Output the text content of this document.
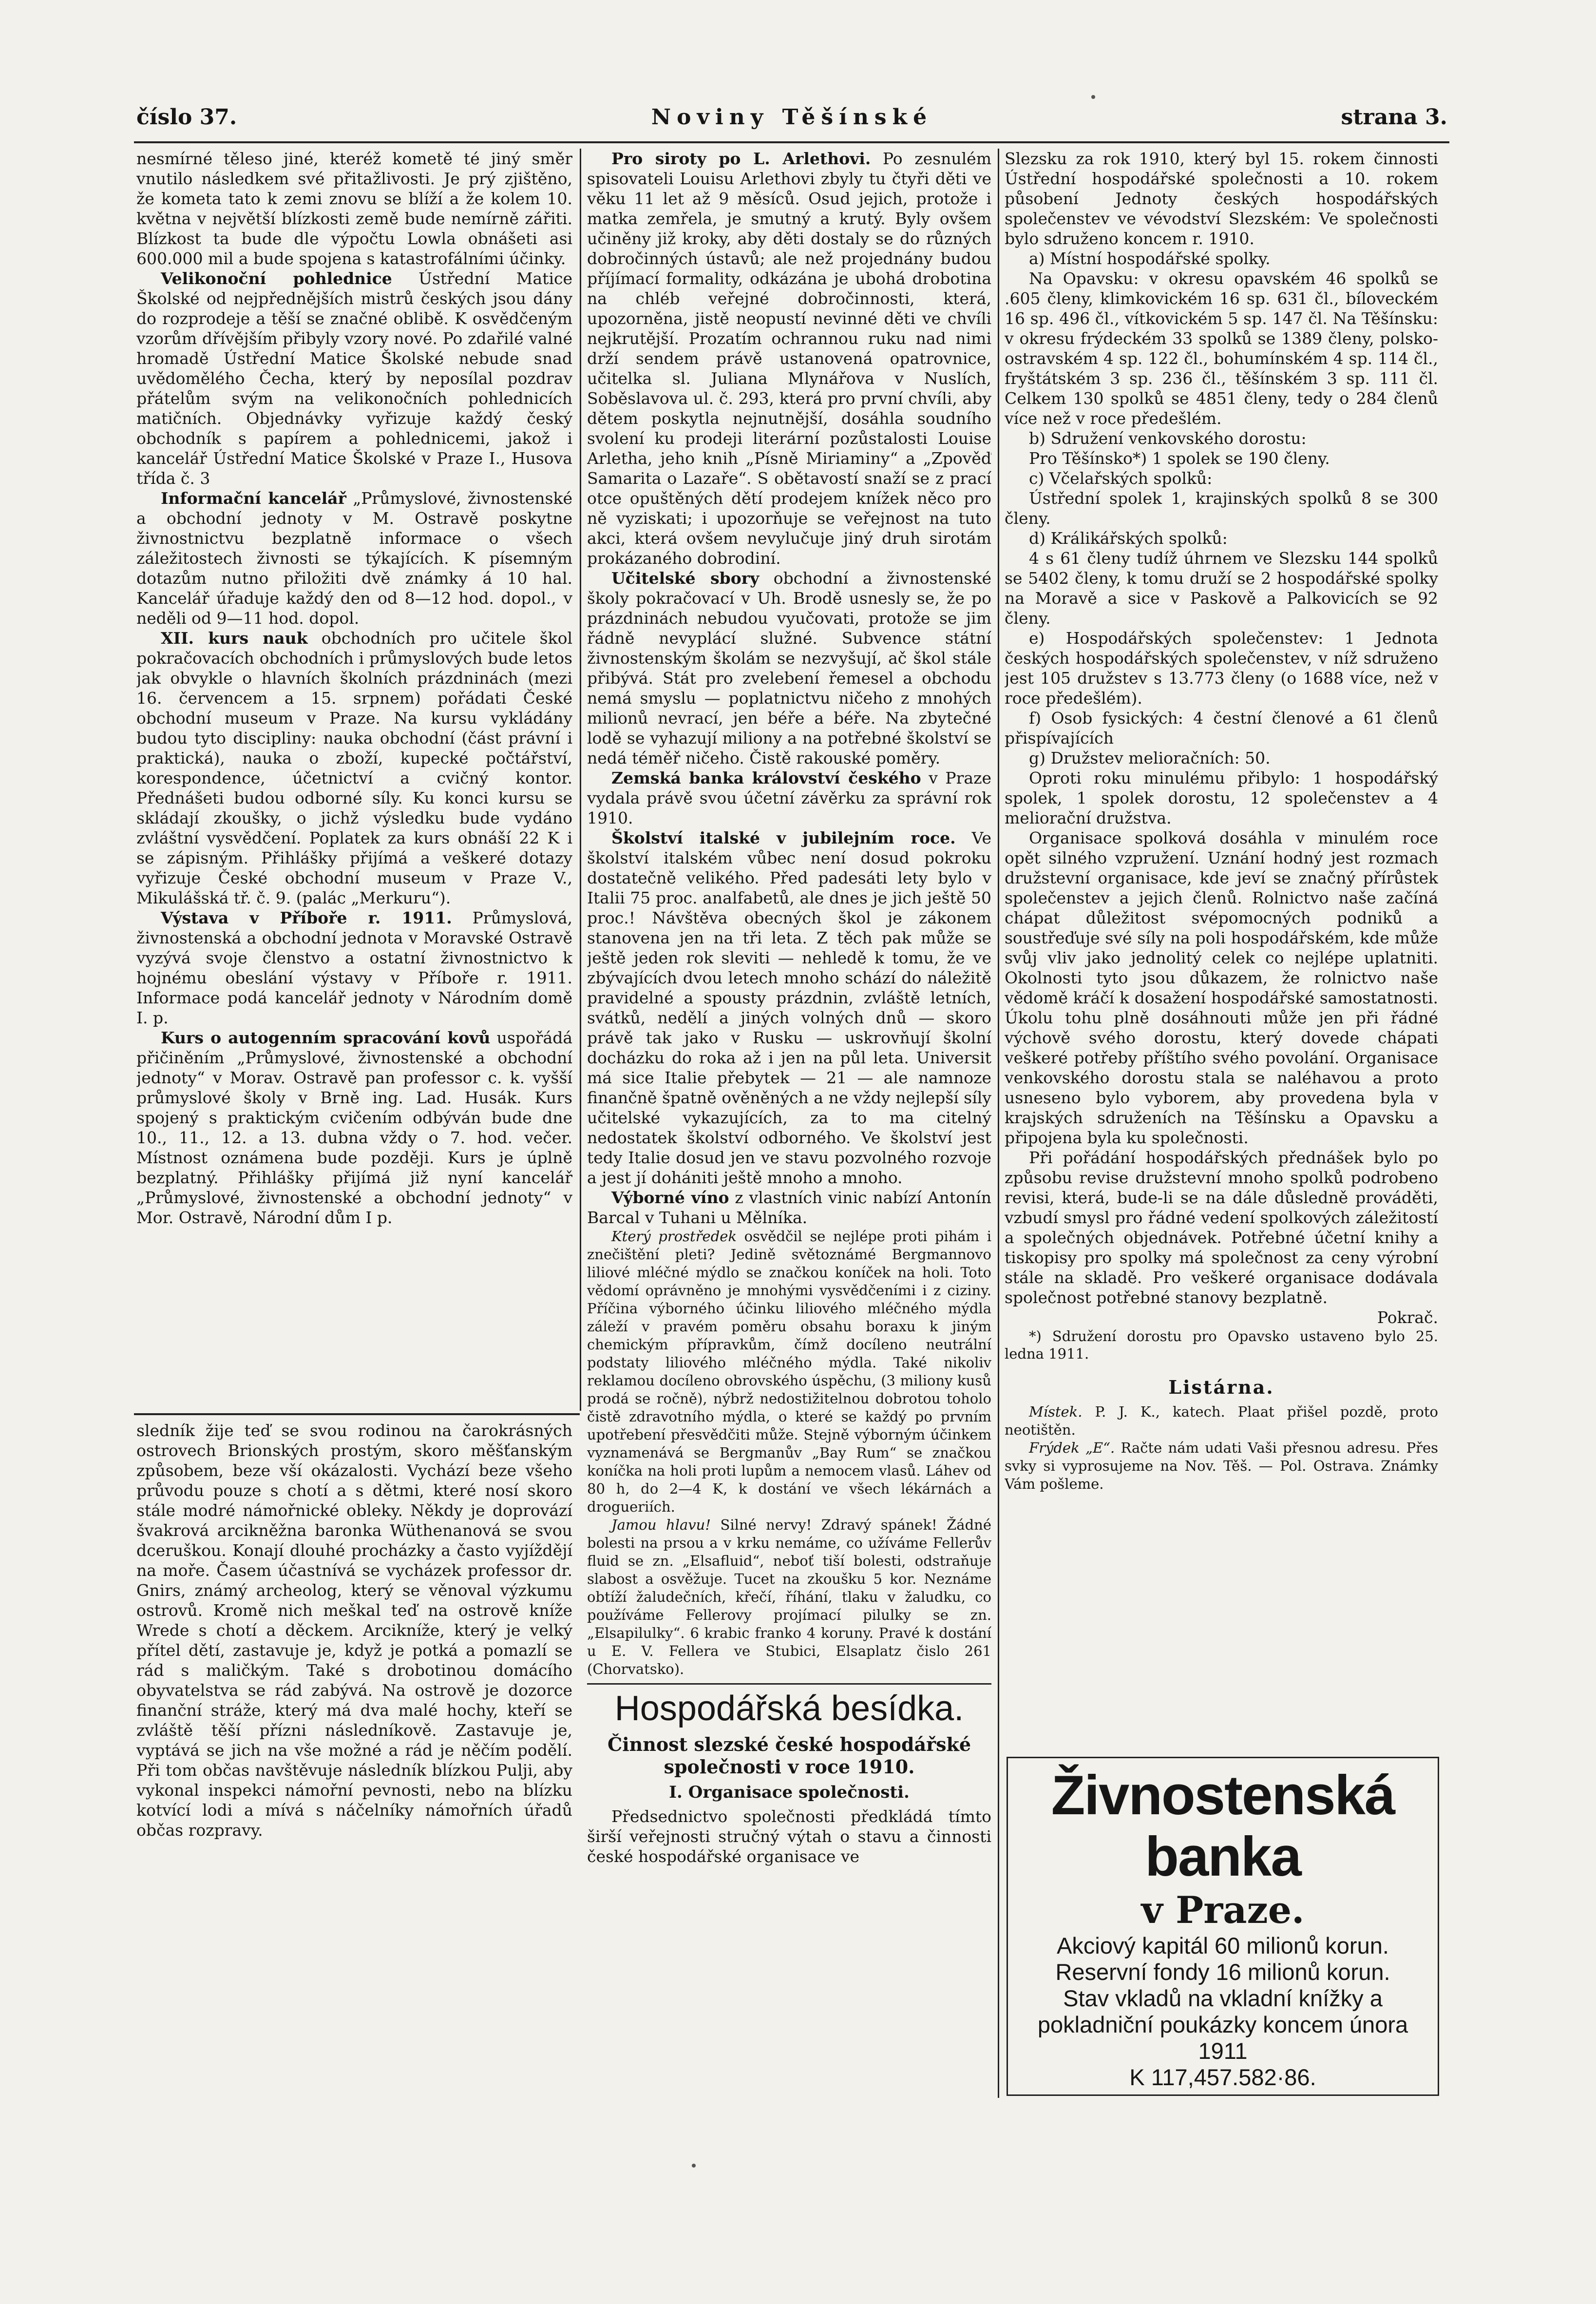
číslo 37.	Noviny Těšínské	strana 3.

nesmírné těleso jiné, kteréž kometě té jiný směr vnutilo následkem své přitažlivosti. Je prý zjištěno, že kometa tato k zemi znovu se blíží a že kolem 10. května v největší blízkosti země bude nemírně zářiti. Blízkost ta bude dle výpočtu Lowla obnášeti asi 600.000 mil a bude spojena s katastrofálními účinky.

Velikonoční pohlednice Ústřední Matice Školské od nejpřednějších mistrů českých jsou dány do rozprodeje a těší se značné oblibě. K osvědčeným vzorům dřívějším přibyly vzory nové. Po zdařilé valné hromadě Ústřední Matice Školské nebude snad uvědomělého Čecha, který by neposílal pozdrav přátelům svým na velikonočních pohlednicích matičních. Objednávky vyřizuje každý český obchodník s papírem a pohlednicemi, jakož i kancelář Ústřední Matice Školské v Praze I., Husova třída č. 3

Informační kancelář „Průmyslové, živnostenské a obchodní jednoty v M. Ostravě poskytne živnostnictvu bezplatně informace o všech záležitostech živnosti se týkajících. K písemným dotazům nutno přiložiti dvě známky á 10 hal. Kancelář úřaduje každý den od 8—12 hod. dopol., v neděli od 9—11 hod. dopol.

XII. kurs nauk obchodních pro učitele škol pokračovacích obchodních i průmyslových bude letos jak obvykle o hlavních školních prázdninách (mezi 16. červencem a 15. srpnem) pořádati České obchodní museum v Praze. Na kursu vykládány budou tyto discipliny: nauka obchodní (část právní i praktická), nauka o zboží, kupecké počtářství, korespondence, účetnictví a cvičný kontor. Přednášeti budou odborné síly. Ku konci kursu se skládají zkoušky, o jichž výsledku bude vydáno zvláštní vysvědčení. Poplatek za kurs obnáší 22 K i se zápisným. Přihlášky přijímá a veškeré dotazy vyřizuje České obchodní museum v Praze V., Mikulášská tř. č. 9. (palác „Merkuru“).

Výstava v Příboře r. 1911. Průmyslová, živnostenská a obchodní jednota v Moravské Ostravě vyzývá svoje členstvo a ostatní živnostnictvo k hojnému obeslání výstavy v Příboře r. 1911. Informace podá kancelář jednoty v Národním domě I. p.

Kurs o autogenním spracování kovů uspořádá přičiněním „Průmyslové, živnostenské a obchodní jednoty“ v Morav. Ostravě pan professor c. k. vyšší průmyslové školy v Brně ing. Lad. Husák. Kurs spojený s praktickým cvičením odbýván bude dne 10., 11., 12. a 13. dubna vždy o 7. hod. večer. Místnost oznámena bude později. Kurs je úplně bezplatný. Přihlášky přijímá již nyní kancelář „Průmyslové, živnostenské a obchodní jednoty“ v Mor. Ostravě, Národní dům I p.

sledník žije teď se svou rodinou na čarokrásných ostrovech Brionských prostým, skoro měšťanským způsobem, beze vší okázalosti. Vychází beze všeho průvodu pouze s chotí a s dětmi, které nosí skoro stále modré námořnické obleky. Někdy je doprovází švakrová arcikněžna baronka Wüthenanová se svou dceruškou. Konají dlouhé procházky a často vyjíždějí na moře. Časem účastnívá se vycházek professor dr. Gnirs, známý archeolog, který se věnoval výzkumu ostrovů. Kromě nich meškal teď na ostrově kníže Wrede s chotí a děckem. Arcikníže, který je velký přítel dětí, zastavuje je, když je potká a pomazlí se rád s maličkým. Také s drobotinou domácího obyvatelstva se rád zabývá. Na ostrově je dozorce finanční stráže, který má dva malé hochy, kteří se zvláště těší přízni následníkově. Zastavuje je, vyptává se jich na vše možné a rád je něčím podělí. Při tom občas navštěvuje následník blízkou Pulji, aby vykonal inspekci námořní pevnosti, nebo na blízku kotvící lodi a mívá s náčelníky námořních úřadů občas rozpravy.

Pro siroty po L. Arlethovi. Po zesnulém spisovateli Louisu Arlethovi zbyly tu čtyři děti ve věku 11 let až 9 měsíců. Osud jejich, protože i matka zemřela, je smutný a krutý. Byly ovšem učiněny již kroky, aby děti dostaly se do různých dobročinných ústavů; ale než projednány budou příjímací formality, odkázána je ubohá drobotina na chléb veřejné dobročinnosti, která, upozorněna, jistě neopustí nevinné děti ve chvíli nejkrutější. Prozatím ochrannou ruku nad nimi drží sendem právě ustanovená opatrovnice, učitelka sl. Juliana Mlynářova v Nuslích, Soběslavova ul. č. 293, která pro první chvíli, aby dětem poskytla nejnutnější, dosáhla soudního svolení ku prodeji literární pozůstalosti Louise Arletha, jeho knih „Písně Miriaminy“ a „Zpověď Samarita o Lazaře“. S obětavostí snaží se z prací otce opuštěných dětí prodejem knížek něco pro ně vyziskati; i upozorňuje se veřejnost na tuto akci, která ovšem nevylučuje jiný druh sirotám prokázaného dobrodiní.

Učitelské sbory obchodní a živnostenské školy pokračovací v Uh. Brodě usnesly se, že po prázdninách nebudou vyučovati, protože se jim řádně nevyplácí služné. Subvence státní živnostenským školám se nezvyšují, ač škol stále přibývá. Stát pro zvelebení řemesel a obchodu nemá smyslu — poplatnictvu ničeho z mnohých milionů nevrací, jen béře a béře. Na zbytečné lodě se vyhazují miliony a na potřebné školství se nedá téměř ničeho. Čistě rakouské poměry.

Zemská banka království českého v Praze vydala právě svou účetní závěrku za správní rok 1910.

Školství italské v jubilejním roce. Ve školství italském vůbec není dosud pokroku dostatečně velikého. Před padesáti lety bylo v Italii 75 proc. analfabetů, ale dnes je jich ještě 50 proc.! Návštěva obecných škol je zákonem stanovena jen na tři leta. Z těch pak může se ještě jeden rok sleviti — nehledě k tomu, že ve zbývajících dvou letech mnoho schází do náležitě pravidelné a spousty prázdnin, zvláště letních, svátků, nedělí a jiných volných dnů — skoro právě tak jako v Rusku — uskrovňují školní docházku do roka až i jen na půl leta. Universit má sice Italie přebytek — 21 — ale namnoze finančně špatně ověněných a ne vždy nejlepší síly učitelské vykazujících, za to ma citelný nedostatek školství odborného. Ve školství jest tedy Italie dosud jen ve stavu pozvolného rozvoje a jest jí dohániti ještě mnoho a mnoho.

Výborné víno z vlastních vinic nabízí Antonín Barcal v Tuhani u Mělníka.

Který prostředek osvědčil se nejlépe proti pihám i znečištění pleti? Jedině světoznámé Bergmannovo liliové mléčné mýdlo se značkou koníček na holi. Toto vědomí oprávněno je mnohými vysvědčeními i z ciziny. Příčina výborného účinku liliového mléčného mýdla záleží v pravém poměru obsahu boraxu k jiným chemickým přípravkům, čímž docíleno neutrální podstaty liliového mléčného mýdla. Také nikoliv reklamou docíleno obrovského úspěchu, (3 miliony kusů prodá se ročně), nýbrž nedostižitelnou dobrotou toholo čistě zdravotního mýdla, o které se každý po prvním upotřebení přesvědčiti může. Stejně výborným účinkem vyznamenává se Bergmanův „Bay Rum“ se značkou koníčka na holi proti lupům a nemocem vlasů. Láhev od 80 h, do 2—4 K, k dostání ve všech lékárnách a drogueriích.

Jamou hlavu! Silné nervy! Zdravý spánek! Žádné bolesti na prsou a v krku nemáme, co užíváme Fellerův fluid se zn. „Elsafluid“, neboť tiší bolesti, odstraňuje slabost a osvěžuje. Tucet na zkoušku 5 kor. Neznáme obtíží žaludečních, křečí, říhání, tlaku v žaludku, co používáme Fellerovy projímací pilulky se zn. „Elsapilulky“. 6 krabic franko 4 koruny. Pravé k dostání u E. V. Fellera ve Stubici, Elsaplatz čislo 261 (Chorvatsko).

Hospodářská besídka.
Činnost slezské české hospodářské společnosti v roce 1910.
I. Organisace společnosti.

Předsednictvo společnosti předkládá tímto širší veřejnosti stručný výtah o stavu a činnosti české hospodářské organisace ve

Slezsku za rok 1910, který byl 15. rokem činnosti Ústřední hospodářské společnosti a 10. rokem působení Jednoty českých hospodářských společenstev ve vévodství Slezském: Ve společnosti bylo sdruženo koncem r. 1910.

a) Místní hospodářské spolky.

Na Opavsku: v okresu opavském 46 spolků se .605 členy, klimkovickém 16 sp. 631 čl., bíloveckém 16 sp. 496 čl., vítkovickém 5 sp. 147 čl. Na Těšínsku: v okresu frýdeckém 33 spolků se 1389 členy, polsko-ostravském 4 sp. 122 čl., bohumínském 4 sp. 114 čl., fryštátském 3 sp. 236 čl., těšínském 3 sp. 111 čl. Celkem 130 spolků se 4851 členy, tedy o 284 členů více než v roce předešlém.

b) Sdružení venkovského dorostu:

Pro Těšínsko*) 1 spolek se 190 členy.

c) Včelařských spolků:

Ústřední spolek 1, krajinských spolků 8 se 300 členy.

d) Králikářských spolků:

4 s 61 členy tudíž úhrnem ve Slezsku 144 spolků se 5402 členy, k tomu druží se 2 hospodářské spolky na Moravě a sice v Paskově a Palkovicích se 92 členy.

e) Hospodářských společenstev: 1 Jednota českých hospodářských společenstev, v níž sdruženo jest 105 družstev s 13.773 členy (o 1688 více, než v roce předešlém).

f) Osob fysických: 4 čestní členové a 61 členů přispívajících

g) Družstev melioračních: 50.

Oproti roku minulému přibylo: 1 hospodářský spolek, 1 spolek dorostu, 12 společenstev a 4 meliorační družstva.

Organisace spolková dosáhla v minulém roce opět silného vzpružení. Uznání hodný jest rozmach družstevní organisace, kde jeví se značný přírůstek společenstev a jejich členů. Rolnictvo naše začíná chápat důležitost svépomocných podniků a soustřeďuje své síly na poli hospodářském, kde může svůj vliv jako jednolitý celek co nejlépe uplatniti. Okolnosti tyto jsou důkazem, že rolnictvo naše vědomě kráčí k dosažení hospodářské samostatnosti. Úkolu tohu plně dosáhnouti může jen při řádné výchově svého dorostu, který dovede chápati veškeré potřeby příštího svého povolání. Organisace venkovského dorostu stala se naléhavou a proto usneseno bylo vyborem, aby provedena byla v krajských sdruženích na Těšínsku a Opavsku a připojena byla ku společnosti.

Při pořádání hospodářských přednášek bylo po způsobu revise družstevní mnoho spolků podrobeno revisi, která, bude-li se na dále důsledně prováděti, vzbudí smysl pro řádné vedení spolkových záležitostí a společných objednávek. Potřebné účetní knihy a tiskopisy pro spolky má společnost za ceny výrobní stále na skladě. Pro veškeré organisace dodávala společnost potřebné stanovy bezplatně.

Pokrač.

*) Sdružení dorostu pro Opavsko ustaveno bylo 25. ledna 1911.

Listárna.

Místek. P. J. K., katech. Plaat přišel pozdě, proto neotištěn.

Frýdek „E“. Račte nám udati Vaši přesnou adresu. Přes svky si vyprosujeme na Nov. Těš. — Pol. Ostrava. Známky Vám pošleme.

Živnostenská banka
v Praze.
Akciový kapitál 60 milionů korun.
Reservní fondy 16 milionů korun.
Stav vkladů na vkladní knížky a pokladniční poukázky koncem února 1911
K 117,457.582·86.
